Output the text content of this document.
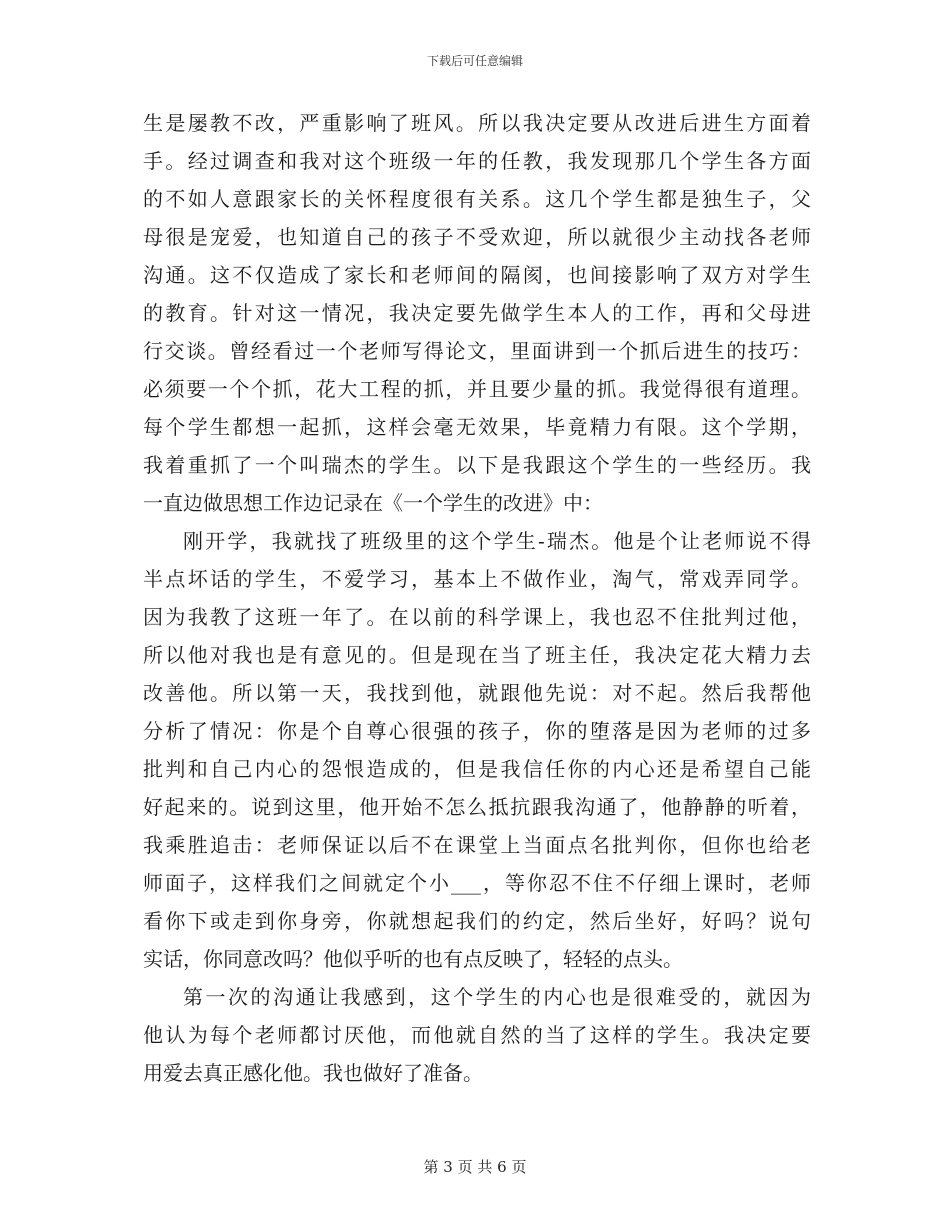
下载后可任意编辑
生是屡教不改，严重影响了班风。所以我决定要从改进后进生方面着
手。经过调查和我对这个班级一年的任教，我发现那几个学生各方面
的不如人意跟家长的关怀程度很有关系。这几个学生都是独生子，父
母很是宠爱，也知道自己的孩子不受欢迎，所以就很少主动找各老师
沟通。这不仅造成了家长和老师间的隔阂，也间接影响了双方对学生
的教育。针对这一情况，我决定要先做学生本人的工作，再和父母进
行交谈。曾经看过一个老师写得论文，里面讲到一个抓后进生的技巧：
必须要一个个抓，花大工程的抓，并且要少量的抓。我觉得很有道理。
每个学生都想一起抓，这样会毫无效果，毕竟精力有限。这个学期，
我着重抓了一个叫瑞杰的学生。以下是我跟这个学生的一些经历。我
一直边做思想工作边记录在《一个学生的改进》中：
刚开学，我就找了班级里的这个学生-瑞杰。他是个让老师说不得
半点坏话的学生，不爱学习，基本上不做作业，淘气，常戏弄同学。
因为我教了这班一年了。在以前的科学课上，我也忍不住批判过他，
所以他对我也是有意见的。但是现在当了班主任，我决定花大精力去
改善他。所以第一天，我找到他，就跟他先说：对不起。然后我帮他
分析了情况：你是个自尊心很强的孩子，你的堕落是因为老师的过多
批判和自己内心的怨恨造成的，但是我信任你的内心还是希望自己能
好起来的。说到这里，他开始不怎么抵抗跟我沟通了，他静静的听着，
我乘胜追击：老师保证以后不在课堂上当面点名批判你，但你也给老
师面子，这样我们之间就定个小___，等你忍不住不仔细上课时，老师
看你下或走到你身旁，你就想起我们的约定，然后坐好，好吗？说句
实话，你同意改吗？他似乎听的也有点反映了，轻轻的点头。
第一次的沟通让我感到，这个学生的内心也是很难受的，就因为
他认为每个老师都讨厌他，而他就自然的当了这样的学生。我决定要
用爱去真正感化他。我也做好了准备。
第 3 页 共 6 页
